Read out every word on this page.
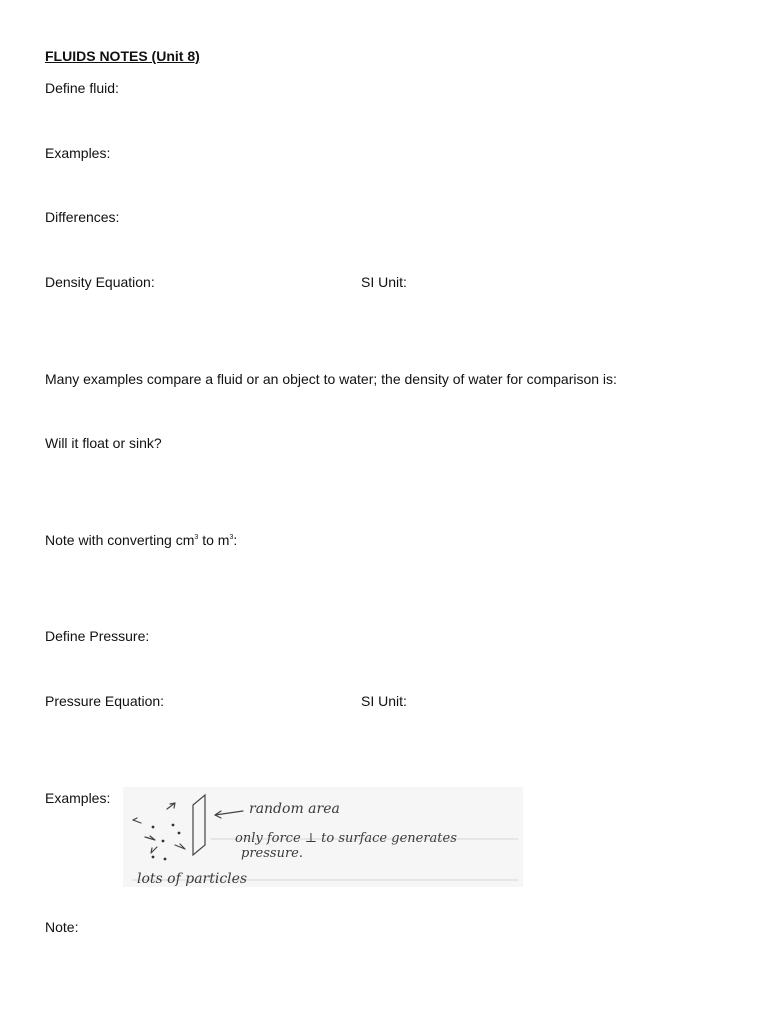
FLUIDS NOTES (Unit 8)
Define fluid:
Examples:
Differences:
Density Equation:	SI Unit:
Many examples compare a fluid or an object to water; the density of water for comparison is:
Will it float or sink?
Note with converting $cm^3$ to $m^3$:
Define Pressure:
Pressure Equation:	SI Unit:
Examples:
random area
only force ⊥ to surface generates
pressure.
lots of particles
Note:
